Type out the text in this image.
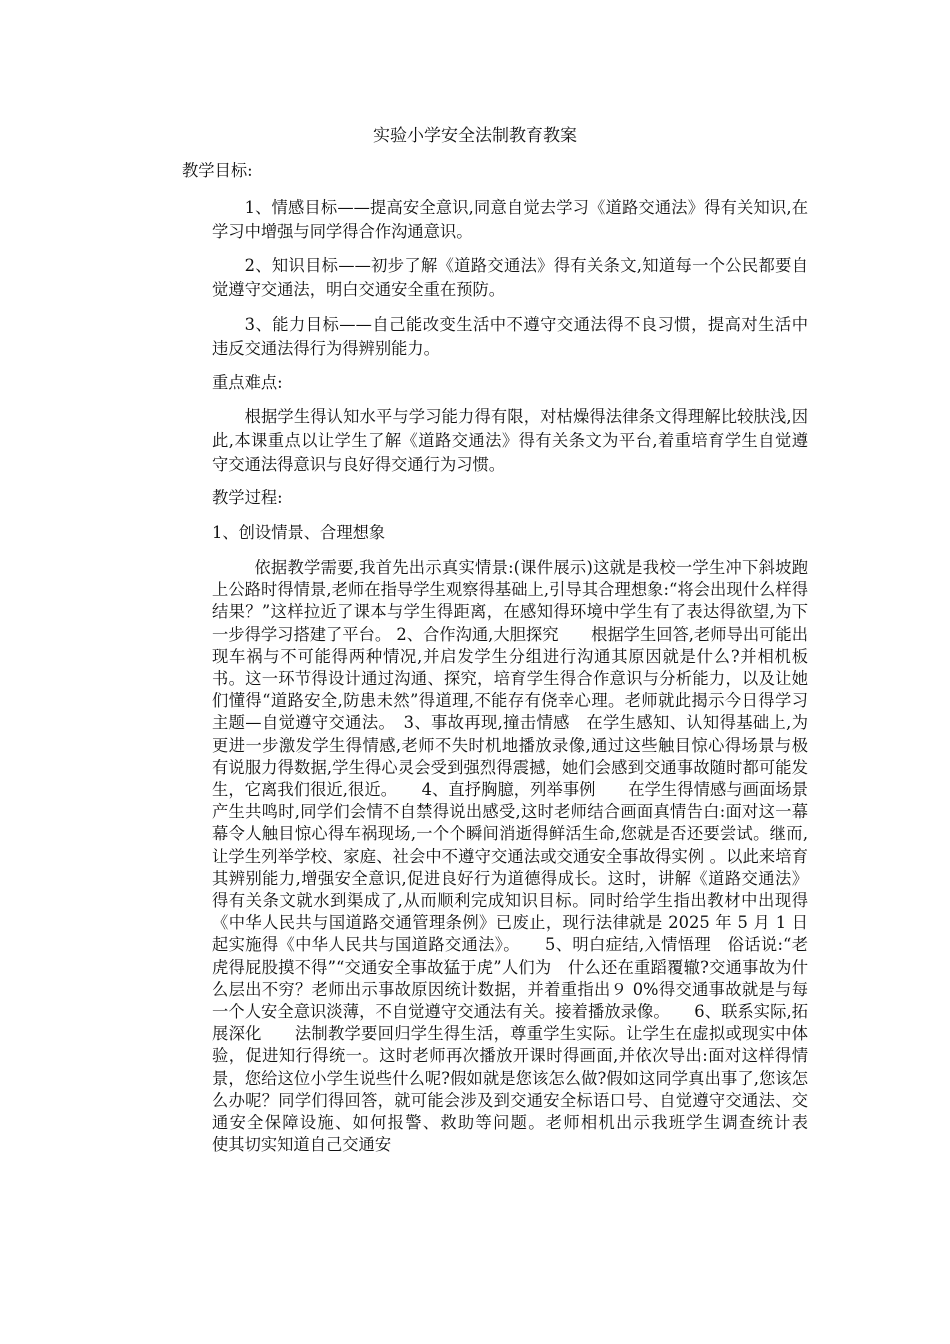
实验小学安全法制教育教案
教学目标:
1、情感目标——提高安全意识,同意自觉去学习《道路交通法》得有关知识,在学习中增强与同学得合作沟通意识。
2、知识目标——初步了解《道路交通法》得有关条文,知道每一个公民都要自觉遵守交通法，明白交通安全重在预防。
3、能力目标——自己能改变生活中不遵守交通法得不良习惯，提高对生活中违反交通法得行为得辨别能力。
重点难点:
根据学生得认知水平与学习能力得有限，对枯燥得法律条文得理解比较肤浅,因此,本课重点以让学生了解《道路交通法》得有关条文为平台,着重培育学生自觉遵守交通法得意识与良好得交通行为习惯。
教学过程:
1、创设情景、合理想象
依据教学需要,我首先出示真实情景:(课件展示)这就是我校一学生冲下斜坡跑上公路时得情景,老师在指导学生观察得基础上,引导其合理想象:“将会出现什么样得结果？”这样拉近了课本与学生得距离，在感知得环境中学生有了表达得欲望,为下一步得学习搭建了平台。 2、合作沟通,大胆探究　　根据学生回答,老师导出可能出现车祸与不可能得两种情况,并启发学生分组进行沟通其原因就是什么?并相机板书。这一环节得设计通过沟通、探究，培育学生得合作意识与分析能力，以及让她们懂得“道路安全,防患未然”得道理,不能存有侥幸心理。老师就此揭示今日得学习主题—自觉遵守交通法。　3、事故再现,撞击情感　在学生感知、认知得基础上,为更进一步激发学生得情感,老师不失时机地播放录像,通过这些触目惊心得场景与极有说服力得数据,学生得心灵会受到强烈得震撼，她们会感到交通事故随时都可能发生，它离我们很近,很近。　　4、直抒胸臆，列举事例　　在学生得情感与画面场景产生共鸣时,同学们会情不自禁得说出感受,这时老师结合画面真情告白:面对这一幕幕令人触目惊心得车祸现场,一个个瞬间消逝得鲜活生命,您就是否还要尝试。继而,让学生列举学校、家庭、社会中不遵守交通法或交通安全事故得实例 。以此来培育其辨别能力,增强安全意识,促进良好行为道德得成长。这时，讲解《道路交通法》得有关条文就水到渠成了,从而顺利完成知识目标。同时给学生指出教材中出现得《中华人民共与国道路交通管理条例》已废止，现行法律就是 2025 年 5 月 1 日起实施得《中华人民共与国道路交通法》。　　5、明白症结,入情悟理　俗话说:“老虎得屁股摸不得”“交通安全事故猛于虎”人们为　什么还在重蹈覆辙?交通事故为什么层出不穷？老师出示事故原因统计数据，并着重指出９ 0%得交通事故就是与每一个人安全意识淡薄，不自觉遵守交通法有关。接着播放录像。　　6、联系实际,拓展深化　　法制教学要回归学生得生活，尊重学生实际。让学生在虚拟或现实中体验，促进知行得统一。这时老师再次播放开课时得画面,并依次导出:面对这样得情景，您给这位小学生说些什么呢?假如就是您该怎么做?假如这同学真出事了,您该怎么办呢？同学们得回答，就可能会涉及到交通安全标语口号、自觉遵守交通法、交通安全保障设施、如何报警、救助等问题。老师相机出示我班学生调查统计表　　使其切实知道自己交通安
